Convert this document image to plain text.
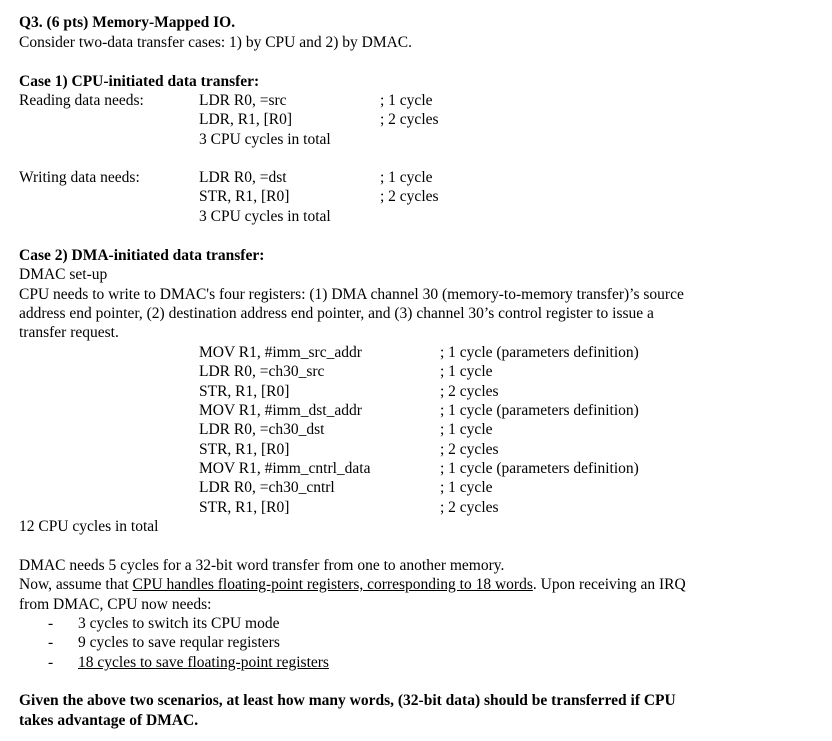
Q3. (6 pts) Memory-Mapped IO.
Consider two-data transfer cases: 1) by CPU and 2) by DMAC.
Case 1) CPU-initiated data transfer:
Reading data needs:	LDR R0, =src
LDR, R1, [R0]
3 CPU cycles in total
; 1 cycle
; 2 cycles
Writing data needs:	LDR R0, =dst
STR, R1, [R0]
3 CPU cycles in total
; 1 cycle
; 2 cycles
Case 2) DMA-initiated data transfer:
DMAC set-up
CPU needs to write to DMAC's four registers: (1) DMA channel 30 (memory-to-memory transfer)’s source
address end pointer, (2) destination address end pointer, and (3) channel 30’s control register to issue a
transfer request.
MOV R1, #imm_src_addr
LDR R0, =ch30_src
STR, R1, [R0]
MOV R1, #imm_dst_addr
LDR R0, =ch30_dst
STR, R1, [R0]
MOV R1, #imm_cntrl_data
LDR R0, =ch30_cntrl
STR, R1, [R0]
; 1 cycle (parameters definition)
; 1 cycle
; 2 cycles
; 1 cycle (parameters definition)
; 1 cycle
; 2 cycles
; 1 cycle (parameters definition)
; 1 cycle
; 2 cycles
12 CPU cycles in total
DMAC needs 5 cycles for a 32-bit word transfer from one to another memory.
Now, assume that CPU handles floating-point registers, corresponding to 18 words. Upon receiving an IRQ
from DMAC, CPU now needs:
- 3 cycles to switch its CPU mode
- 9 cycles to save reqular registers
- 18 cycles to save floating-point registers
Given the above two scenarios, at least how many words, (32-bit data) should be transferred if CPU
takes advantage of DMAC.
